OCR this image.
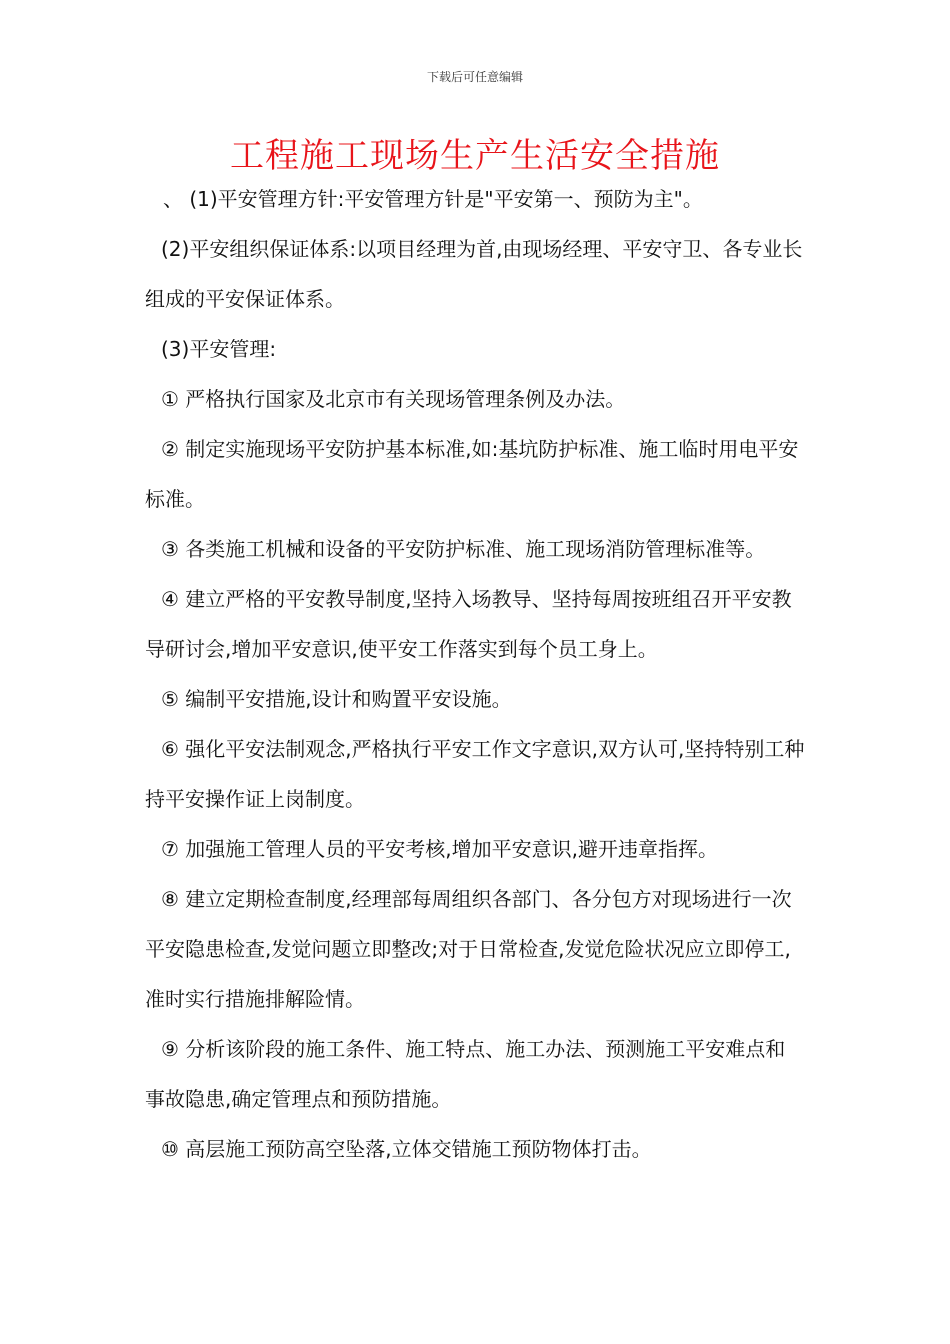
下载后可任意编辑
工程施工现场生产生活安全措施

、 (1)平安管理方针:平安管理方针是"平安第一、预防为主"。

(2)平安组织保证体系:以项目经理为首,由现场经理、平安守卫、各专业长组成的平安保证体系。

(3)平安管理:

① 严格执行国家及北京市有关现场管理条例及办法。

② 制定实施现场平安防护基本标准,如:基坑防护标准、施工临时用电平安标准。

③ 各类施工机械和设备的平安防护标准、施工现场消防管理标准等。

④ 建立严格的平安教导制度,坚持入场教导、坚持每周按班组召开平安教导研讨会,增加平安意识,使平安工作落实到每个员工身上。

⑤ 编制平安措施,设计和购置平安设施。

⑥ 强化平安法制观念,严格执行平安工作文字意识,双方认可,坚持特别工种持平安操作证上岗制度。

⑦ 加强施工管理人员的平安考核,增加平安意识,避开违章指挥。

⑧ 建立定期检查制度,经理部每周组织各部门、各分包方对现场进行一次平安隐患检查,发觉问题立即整改;对于日常检查,发觉危险状况应立即停工,准时实行措施排解险情。

⑨ 分析该阶段的施工条件、施工特点、施工办法、预测施工平安难点和事故隐患,确定管理点和预防措施。

⑩ 高层施工预防高空坠落,立体交错施工预防物体打击。
